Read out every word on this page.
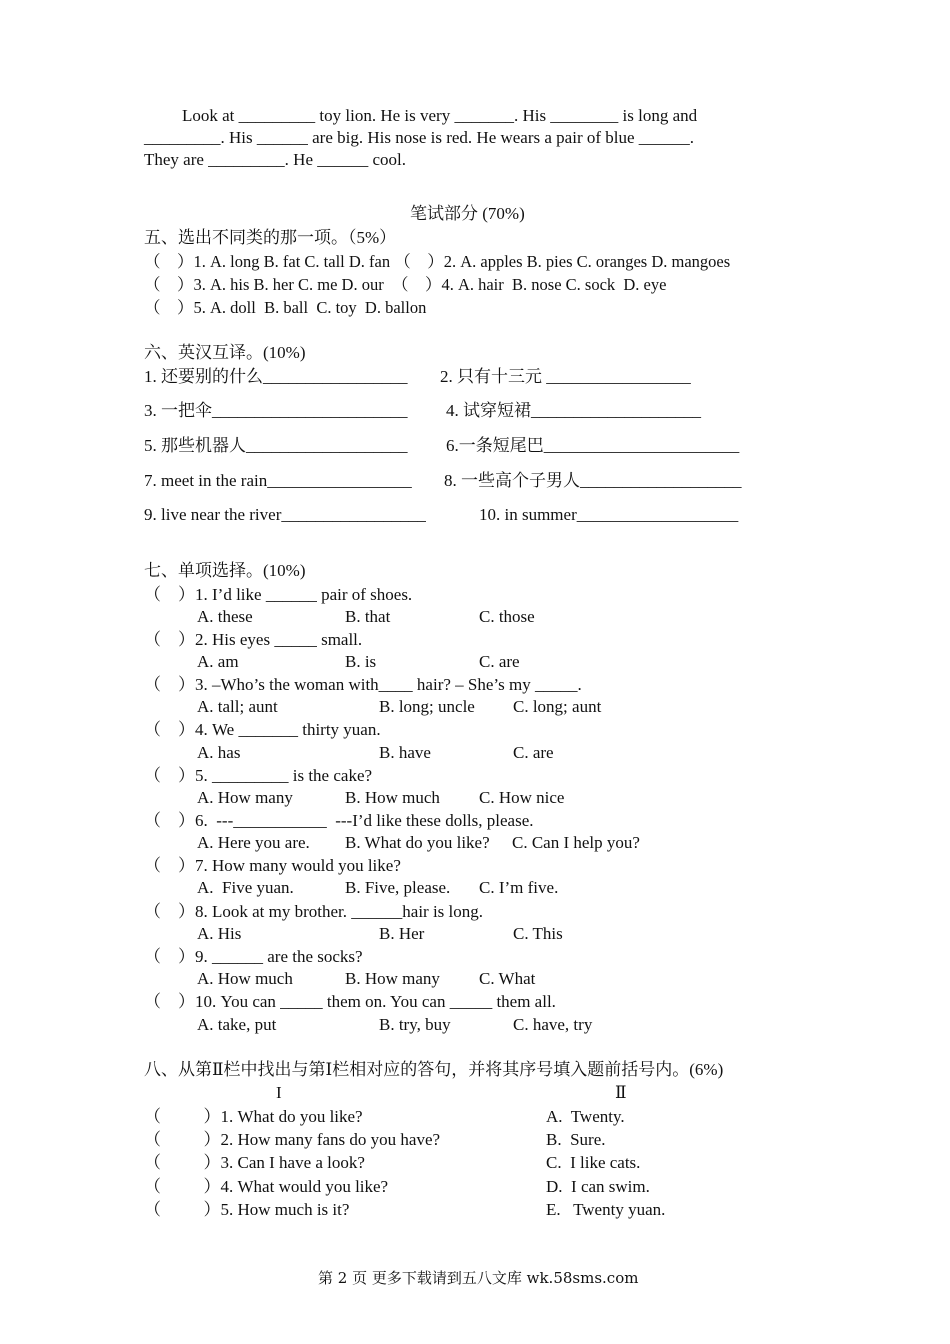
Look at _________ toy lion. He is very _______. His ________ is long and
_________. His ______ are big. His nose is red. He wears a pair of blue ______.
They are _________. He ______ cool.
笔试部分 (70%)
五、选出不同类的那一项。（5%）
（    ）1. A. long B. fat C. tall D. fan （    ）2. A. apples B. pies C. oranges D. mangoes
（    ）3. A. his B. her C. me D. our  （    ）4. A. hair  B. nose C. sock  D. eye
（    ）5. A. doll  B. ball  C. toy  D. ballon
六、英汉互译。(10%)
1. 还要别的什么_________________ 2. 只有十三元 _________________
3. 一把伞_______________________ 4. 试穿短裙____________________
5. 那些机器人___________________ 6.一条短尾巴_______________________
7. meet in the rain_________________ 8. 一些高个子男人___________________
9. live near the river_________________	10. in summer___________________
七、单项选择。(10%)
（    ）1. I’d like ______ pair of shoes.
A. these	B. that	C. those
（    ）2. His eyes _____ small.
A. am	B. is	C. are
（    ）3. –Who’s the woman with____ hair? – She’s my _____.
A. tall; aunt	B. long; uncle C. long; aunt
（    ）4. We _______ thirty yuan.
A. has	B. have	C. are
（    ）5. _________ is the cake?
A. How many	B. How much C. How nice
（    ）6.  ---___________  ---I’d like these dolls, please.
A. Here you are. B. What do you like? C. Can I help you?
（    ）7. How many would you like?
A.  Five yuan.	B. Five, please. C. I’m five.
（    ）8. Look at my brother. ______hair is long.
A. His	B. Her	C. This
（    ）9. ______ are the socks?
A. How much	B. How many C. What
（    ）10. You can _____ them on. You can _____ them all.
A. take, put	B. try, buy	C. have, try
八、从第Ⅱ栏中找出与第Ⅰ栏相对应的答句，并将其序号填入题前括号内。(6%)
I	Ⅱ
（          ）1. What do you like?	A.  Twenty.
（          ）2. How many fans do you have?	B.  Sure.
（          ）3. Can I have a look?	C.  I like cats.
（          ）4. What would you like?	D.  I can swim.
（          ）5. How much is it?	E.   Twenty yuan.
第 2 页 更多下载请到五八文库 wk.58sms.com
